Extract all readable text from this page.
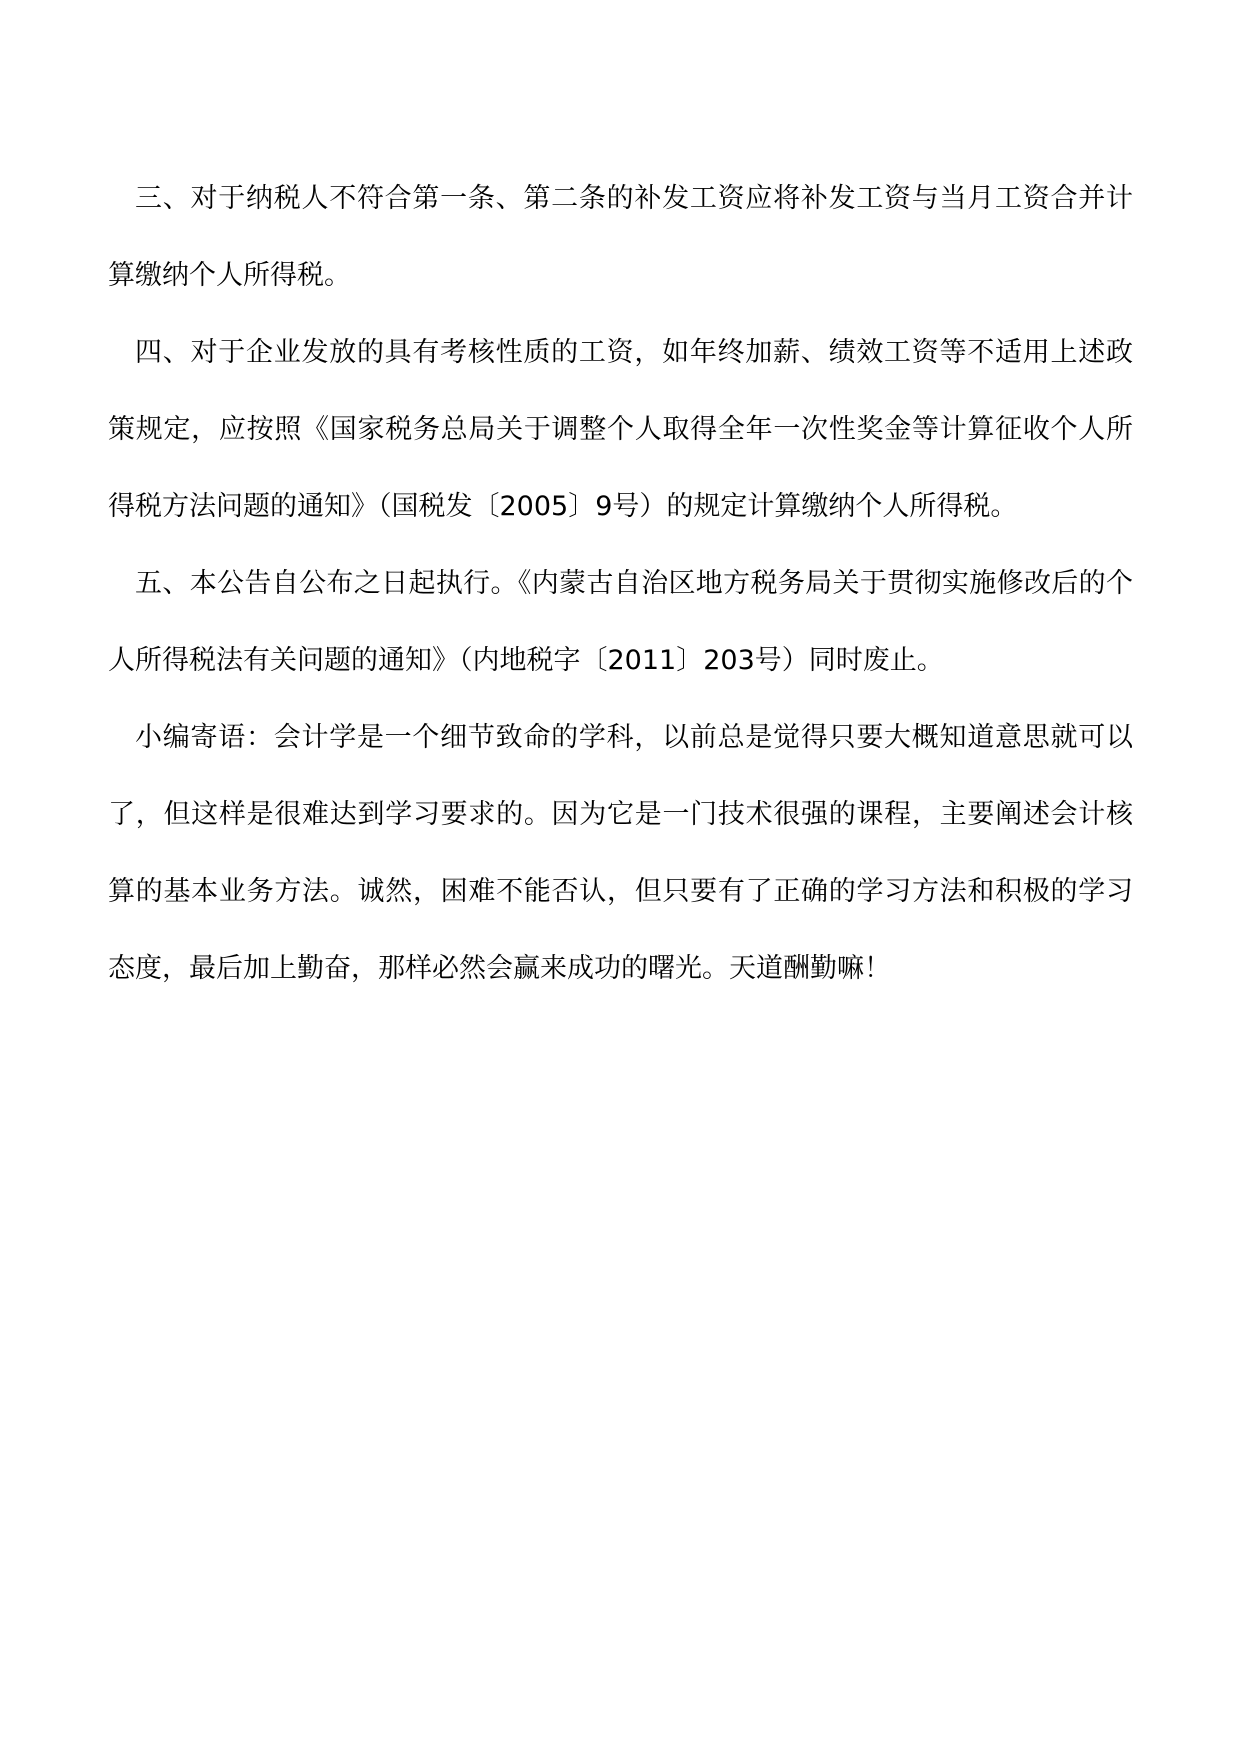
三、对于纳税人不符合第一条、第二条的补发工资应将补发工资与当月工资合并计算缴纳个人所得税。

四、对于企业发放的具有考核性质的工资，如年终加薪、绩效工资等不适用上述政策规定，应按照《国家税务总局关于调整个人取得全年一次性奖金等计算征收个人所得税方法问题的通知》（国税发〔2005〕9号）的规定计算缴纳个人所得税。

五、本公告自公布之日起执行。《内蒙古自治区地方税务局关于贯彻实施修改后的个人所得税法有关问题的通知》（内地税字〔2011〕203号）同时废止。

小编寄语：会计学是一个细节致命的学科，以前总是觉得只要大概知道意思就可以了，但这样是很难达到学习要求的。因为它是一门技术很强的课程，主要阐述会计核算的基本业务方法。诚然，困难不能否认，但只要有了正确的学习方法和积极的学习态度，最后加上勤奋，那样必然会赢来成功的曙光。天道酬勤嘛！
